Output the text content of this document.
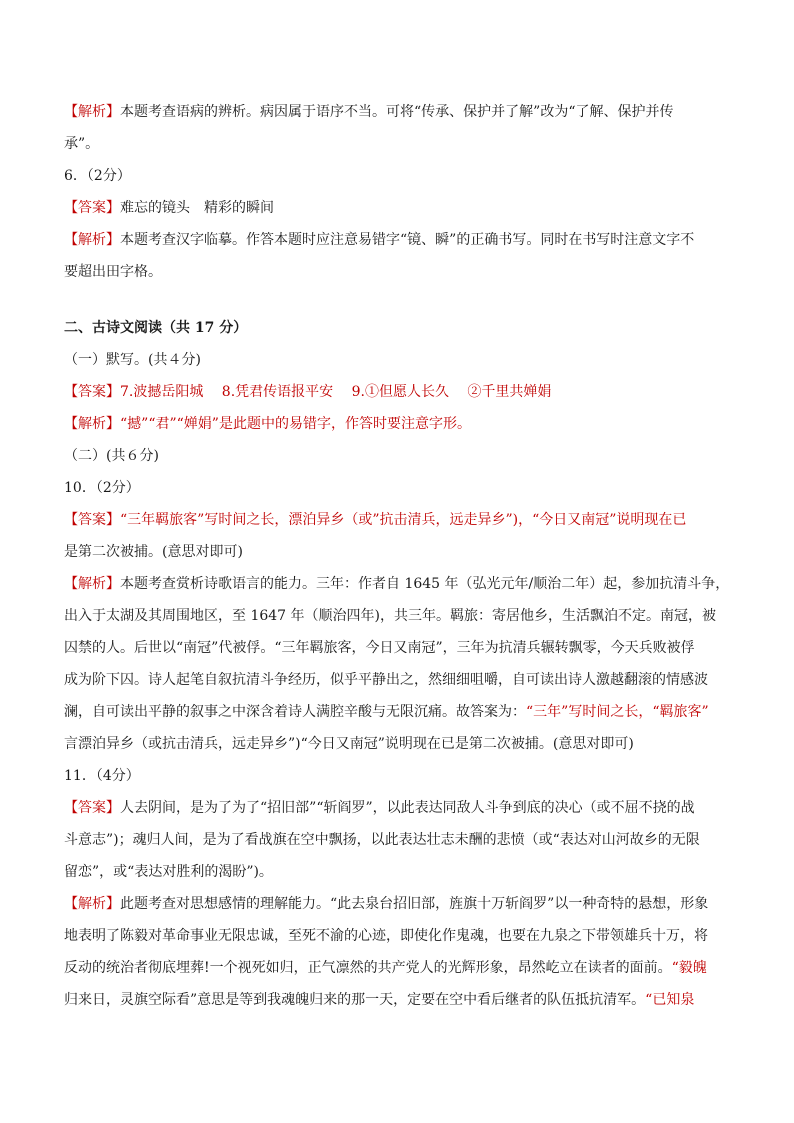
【解析】本题考查语病的辨析。病因属于语序不当。可将“传承、保护并了解”改为“了解、保护并传
承”。
6．（2分）
【答案】难忘的镜头　精彩的瞬间
【解析】本题考查汉字临摹。作答本题时应注意易错字“镜、瞬”的正确书写。同时在书写时注意文字不
要超出田字格。
二、古诗文阅读（共 17 分）
（一）默写。(共４分)
【答案】7.波撼岳阳城　 8.凭君传语报平安　 9.①但愿人长久　 ②千里共婵娟
【解析】“撼”“君”“婵娟”是此题中的易错字，作答时要注意字形。
（二）(共６分)
10．（2分）
【答案】“三年羁旅客”写时间之长，漂泊异乡（或”抗击清兵，远走异乡”)，“今日又南冠”说明现在已
是第二次被捕。(意思对即可)
【解析】本题考查赏析诗歌语言的能力。三年：作者自 1645 年（弘光元年/顺治二年）起，参加抗清斗争，
出入于太湖及其周围地区，至 1647 年（顺治四年)，共三年。羁旅：寄居他乡，生活飘泊不定。南冠，被
囚禁的人。后世以“南冠”代被俘。“三年羁旅客，今日又南冠”，三年为抗清兵辗转飘零，今天兵败被俘
成为阶下囚。诗人起笔自叙抗清斗争经历，似乎平静出之，然细细咀嚼，自可读出诗人激越翻滚的情感波
澜，自可读出平静的叙事之中深含着诗人满腔辛酸与无限沉痛。故答案为：“三年”写时间之长，“羁旅客”
言漂泊异乡（或抗击清兵，远走异乡”)“今日又南冠”说明现在已是第二次被捕。(意思对即可)
11．（4分）
【答案】人去阴间，是为了为了“招旧部”“斩阎罗”，以此表达同敌人斗争到底的决心（或不屈不挠的战
斗意志”)；魂归人间，是为了看战旗在空中飘扬，以此表达壮志未酬的悲愤（或“表达对山河故乡的无限
留恋”，或“表达对胜利的渴盼”)。
【解析】此题考查对思想感情的理解能力。“此去泉台招旧部，旌旗十万斩阎罗”以一种奇特的悬想，形象
地表明了陈毅对革命事业无限忠诚，至死不渝的心迹，即使化作鬼魂，也要在九泉之下带领雄兵十万，将
反动的统治者彻底埋葬!一个视死如归，正气凛然的共产党人的光辉形象，昂然屹立在读者的面前。“毅魄
归来日，灵旗空际看”意思是等到我魂魄归来的那一天，定要在空中看后继者的队伍抵抗清军。“已知泉
